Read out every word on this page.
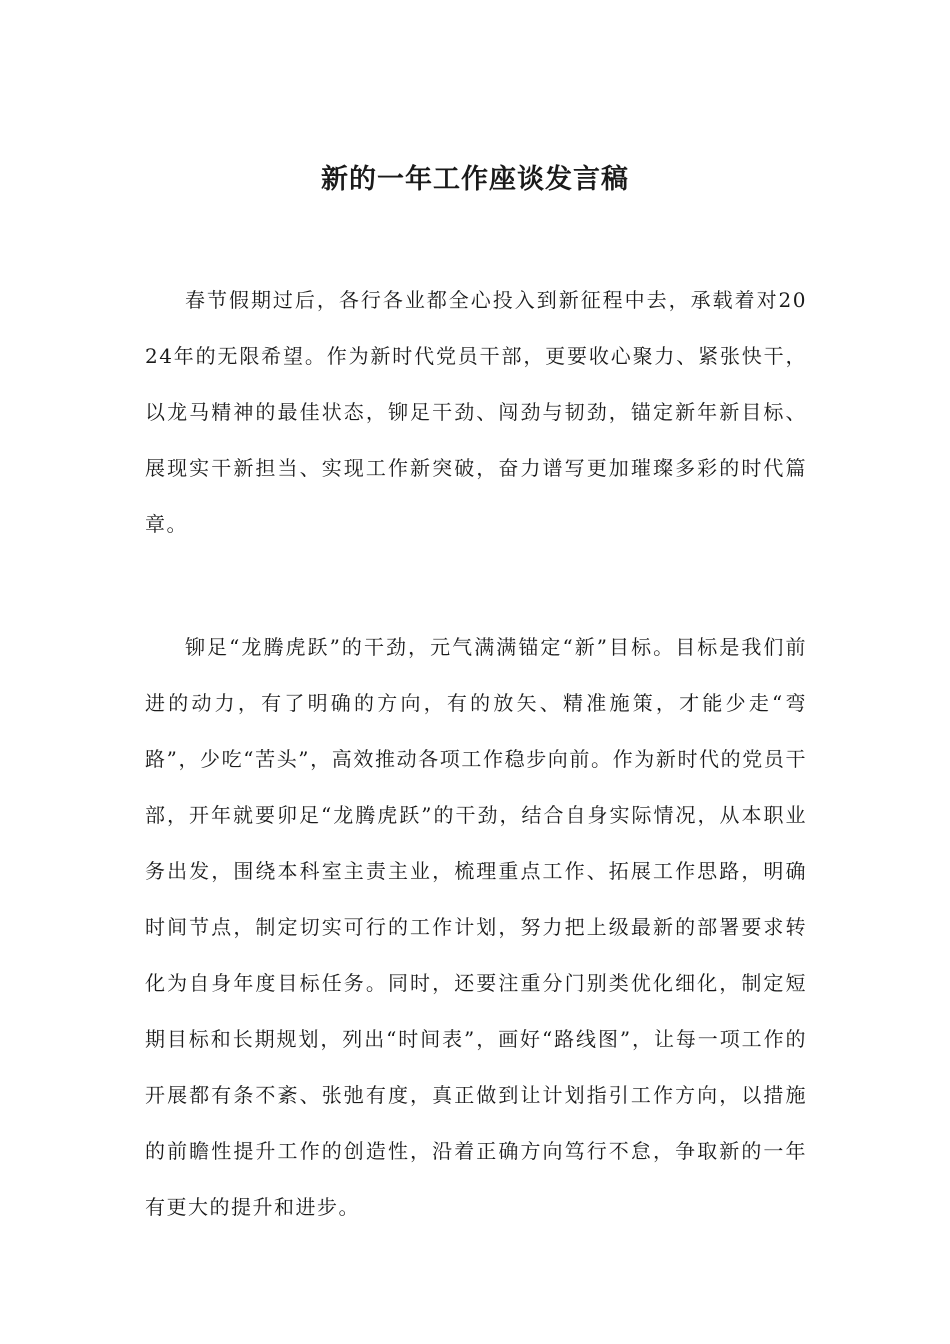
新的一年工作座谈发言稿

春节假期过后，各行各业都全心投入到新征程中去，承载着对2024年的无限希望。作为新时代党员干部，更要收心聚力、紧张快干，以龙马精神的最佳状态，铆足干劲、闯劲与韧劲，锚定新年新目标、展现实干新担当、实现工作新突破，奋力谱写更加璀璨多彩的时代篇章。

铆足“龙腾虎跃”的干劲，元气满满锚定“新”目标。目标是我们前进的动力，有了明确的方向，有的放矢、精准施策，才能少走“弯路”，少吃“苦头”，高效推动各项工作稳步向前。作为新时代的党员干部，开年就要卯足“龙腾虎跃”的干劲，结合自身实际情况，从本职业务出发，围绕本科室主责主业，梳理重点工作、拓展工作思路，明确时间节点，制定切实可行的工作计划，努力把上级最新的部署要求转化为自身年度目标任务。同时，还要注重分门别类优化细化，制定短期目标和长期规划，列出“时间表”，画好“路线图”，让每一项工作的开展都有条不紊、张弛有度，真正做到让计划指引工作方向，以措施的前瞻性提升工作的创造性，沿着正确方向笃行不怠，争取新的一年有更大的提升和进步。
